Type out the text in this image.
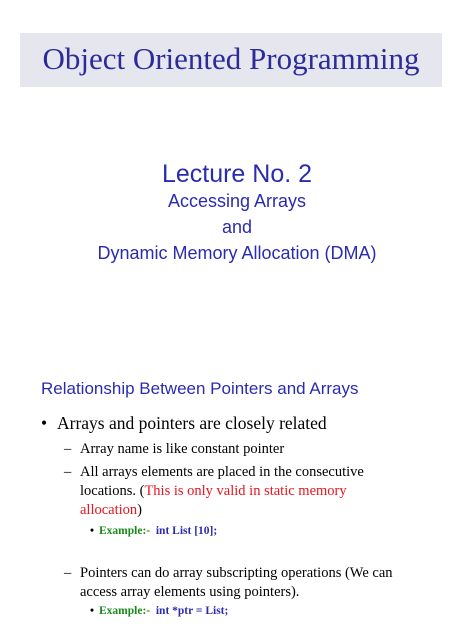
Object Oriented Programming
Lecture No. 2
Accessing Arrays
and
Dynamic Memory Allocation (DMA)
Relationship Between Pointers and Arrays
• Arrays and pointers are closely related
– Array name is like constant pointer
– All arrays elements are placed in the consecutive
locations. (This is only valid in static memory
allocation)
• Example:- int List [10];
– Pointers can do array subscripting operations (We can
access array elements using pointers).
• Example:- int *ptr = List;
